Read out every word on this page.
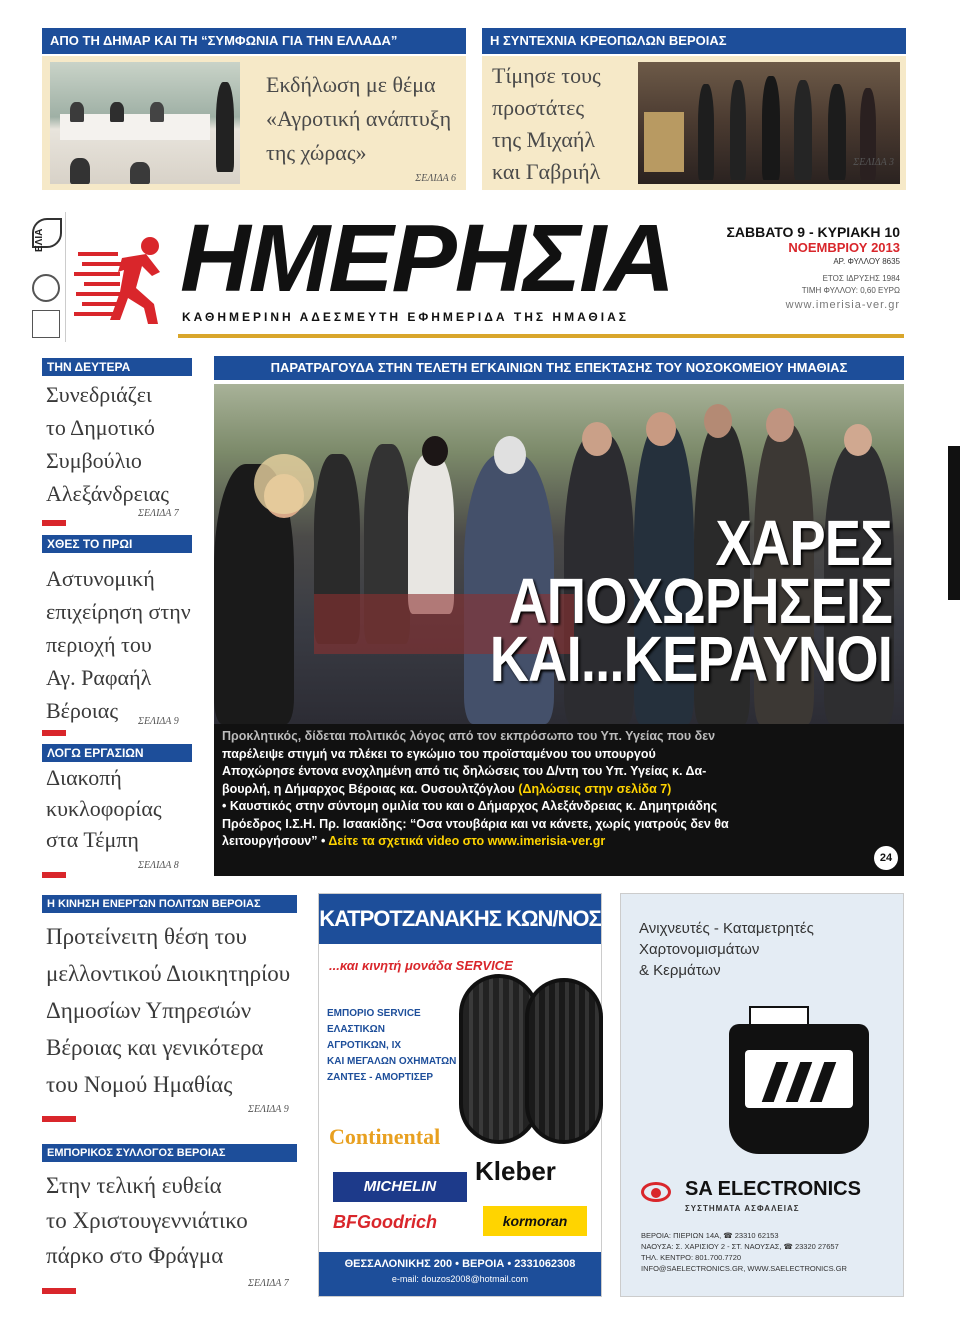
ΑΠΟ ΤΗ ΔΗΜΑΡ ΚΑΙ ΤΗ “ΣΥΜΦΩΝΙΑ ΓΙΑ ΤΗΝ ΕΛΛΑΔΑ”
Εκδήλωση με θέμα
«Αγροτική ανάπτυξη
της χώρας»
ΣΕΛΙΔΑ 6
Η ΣΥΝΤΕΧΝΙΑ ΚΡΕΟΠΩΛΩΝ ΒΕΡΟΙΑΣ
Τίμησε τους
προστάτες
της Μιχαήλ
και Γαβριήλ	ΣΕΛΙΔΑ 3
ΕΛΙΑ ΗΜΕΡΗΣΙΑ
ΚΑΘΗΜΕΡΙΝΗ ΑΔΕΣΜΕΥΤΗ ΕΦΗΜΕΡΙΔΑ ΤΗΣ ΗΜΑΘΙΑΣ
ΣΑΒΒΑΤΟ 9 - ΚΥΡΙΑΚΗ 10
ΝΟΕΜΒΡΙΟΥ 2013
ΑΡ. ΦΥΛΛΟΥ 8635
ΕΤΟΣ ΙΔΡΥΣΗΣ 1984
ΤΙΜΗ ΦΥΛΛΟΥ: 0,60 ΕΥΡΩ
www.imerisia-ver.gr
ΠΑΡΑΤΡΑΓΟΥΔΑ ΣΤΗΝ ΤΕΛΕΤΗ ΕΓΚΑΙΝΙΩΝ ΤΗΣ ΕΠΕΚΤΑΣΗΣ ΤΟΥ ΝΟΣΟΚΟΜΕΙΟΥ ΗΜΑΘΙΑΣ
ΧΑΡΕΣ
ΑΠΟΧΩΡΗΣΕΙΣ
ΚΑΙ...ΚΕΡΑΥΝΟΙ
Προκλητικός, δίδεται πολιτικός λόγος από τον εκπρόσωπο του Υπ. Υγείας που δεν
παρέλειψε στιγμή να πλέκει το εγκώμιο του προϊσταμένου του υπουργού
Αποχώρησε έντονα ενοχλημένη από τις δηλώσεις του Δ/ντη του Υπ. Υγείας κ. Δα-
βουρλή, η Δήμαρχος Βέροιας κα. Ουσουλτζόγλου (Δηλώσεις στην σελίδα 7)
• Καυστικός στην σύντομη ομιλία του και ο Δήμαρχος Αλεξάνδρειας κ. Δημητριάδης
Πρόεδρος Ι.Σ.Η. Πρ. Ισαακίδης: “Οσα ντουβάρια και να κάνετε, χωρίς γιατρούς δεν θα
λειτουργήσουν” • Δείτε τα σχετικά video στο www.imerisia-ver.gr
24
ΤΗΝ ΔΕΥΤΕΡΑ
Συνεδριάζει
το Δημοτικό
Συμβούλιο
Αλεξάνδρειας
ΣΕΛΙΔΑ 7
ΧΘΕΣ ΤΟ ΠΡΩΙ
Αστυνομική
επιχείρηση στην
περιοχή του
Αγ. Ραφαήλ
Βέροιας	ΣΕΛΙΔΑ 9
ΛΟΓΩ ΕΡΓΑΣΙΩΝ
Διακοπή
κυκλοφορίας
στα Τέμπη
ΣΕΛΙΔΑ 8
Η ΚΙΝΗΣΗ ΕΝΕΡΓΩΝ ΠΟΛΙΤΩΝ ΒΕΡΟΙΑΣ
Προτείνειτη θέση του
μελλοντικού Διοικητηρίου
Δημοσίων Υπηρεσιών
Βέροιας και γενικότερα
του Νομού Ημαθίας
ΣΕΛΙΔΑ 9
ΕΜΠΟΡΙΚΟΣ ΣΥΛΛΟΓΟΣ ΒΕΡΟΙΑΣ
Στην τελική ευθεία
το Χριστουγεννιάτικο
πάρκο στο Φράγμα
ΣΕΛΙΔΑ 7
ΚΑΤΡΟΤΖΑΝΑΚΗΣ ΚΩΝ/ΝΟΣ
...και κινητή μονάδα SERVICE
ΕΜΠΟΡΙΟ SERVICE
ΕΛΑΣΤΙΚΩΝ
ΑΓΡΟΤΙΚΩΝ, ΙΧ
ΚΑΙ ΜΕΓΑΛΩΝ ΟΧΗΜΑΤΩΝ
ΖΑΝΤΕΣ - ΑΜΟΡΤΙΣΕΡ
Continental
MICHELIN
Kleber
BFGoodrich	kormoran
ΘΕΣΣΑΛΟΝΙΚΗΣ 200 • ΒΕΡΟΙΑ • 2331062308
e-mail: douzos2008@hotmail.com
Ανιχνευτές - Καταμετρητές
Χαρτονομισμάτων
& Κερμάτων
SA ELECTRONICS
ΣΥΣΤΗΜΑΤΑ ΑΣΦΑΛΕΙΑΣ
ΒΕΡΟΙΑ: ΠΙΕΡΙΩΝ 14Α, ☎ 23310 62153
ΝΑΟΥΣΑ: Σ. ΧΑΡΙΣΙΟΥ 2 - ΣΤ. ΝΑΟΥΣΑΣ, ☎ 23320 27657
ΤΗΛ. ΚΕΝΤΡΟ: 801.700.7720
INFO@SAELECTRONICS.GR, WWW.SAELECTRONICS.GR
